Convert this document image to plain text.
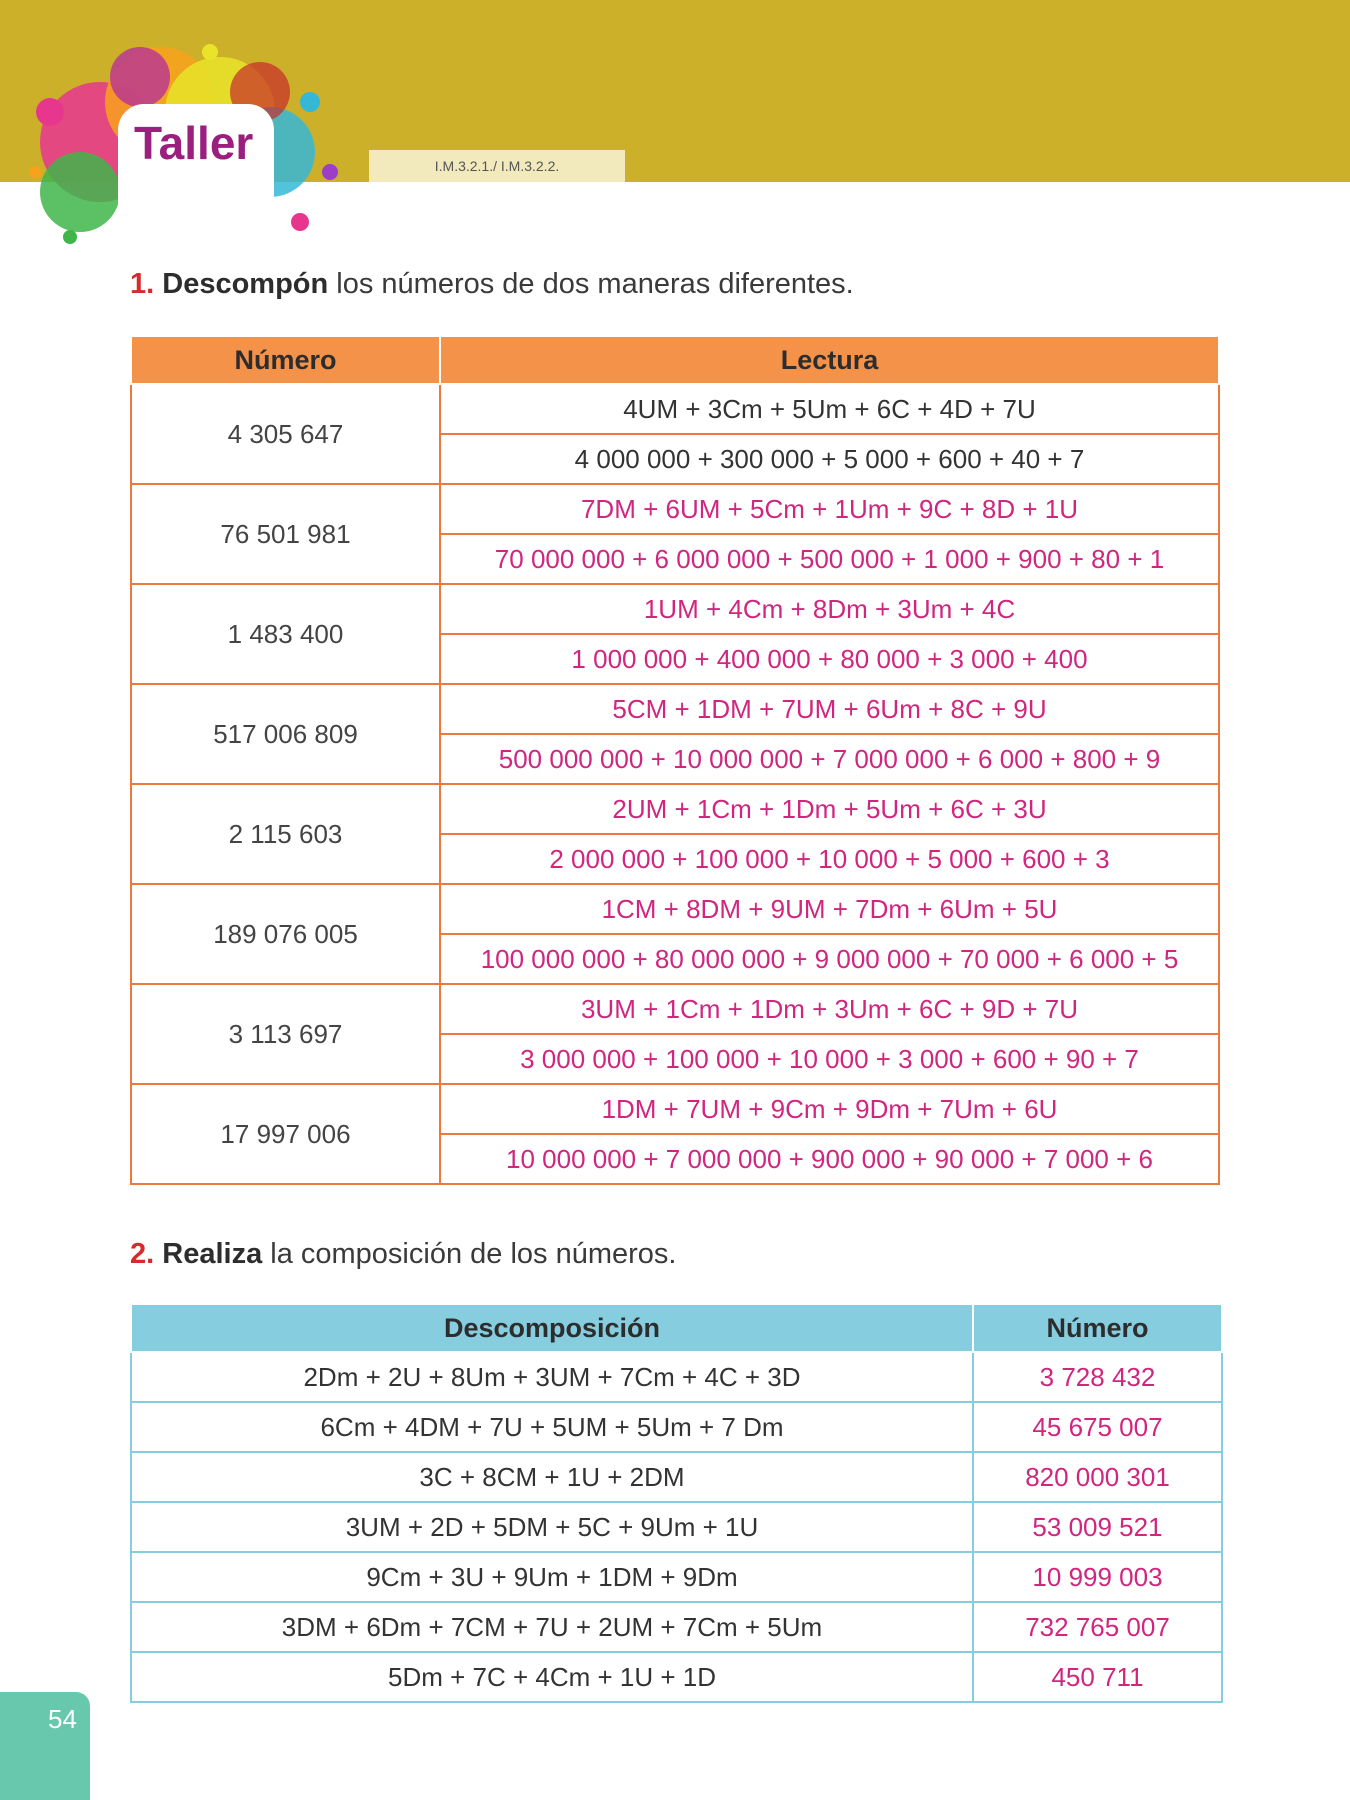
Taller	I.M.3.2.1./ I.M.3.2.2.
1. Descompón los números de dos maneras diferentes.
Número	Lectura
4 305 647	4UM + 3Cm + 5Um + 6C + 4D + 7U
	4 000 000 + 300 000 + 5 000 + 600 + 40 + 7
76 501 981	7DM + 6UM + 5Cm + 1Um + 9C + 8D + 1U
	70 000 000 + 6 000 000 + 500 000 + 1 000 + 900 + 80 + 1
1 483 400	1UM + 4Cm + 8Dm + 3Um + 4C
	1 000 000 + 400 000 + 80 000 + 3 000 + 400
517 006 809	5CM + 1DM + 7UM + 6Um + 8C + 9U
	500 000 000 + 10 000 000 + 7 000 000 + 6 000 + 800 + 9
2 115 603	2UM + 1Cm + 1Dm + 5Um + 6C + 3U
	2 000 000 + 100 000 + 10 000 + 5 000 + 600 + 3
189 076 005	1CM + 8DM + 9UM + 7Dm + 6Um + 5U
	100 000 000 + 80 000 000 + 9 000 000 + 70 000 + 6 000 + 5
3 113 697	3UM + 1Cm + 1Dm + 3Um + 6C + 9D + 7U
	3 000 000 + 100 000 + 10 000 + 3 000 + 600 + 90 + 7
17 997 006	1DM + 7UM + 9Cm + 9Dm + 7Um + 6U
	10 000 000 + 7 000 000 + 900 000 + 90 000 + 7 000 + 6
2. Realiza la composición de los números.
Descomposición	Número
2Dm + 2U + 8Um + 3UM + 7Cm + 4C + 3D	3 728 432
6Cm + 4DM + 7U + 5UM + 5Um + 7 Dm	45 675 007
3C + 8CM + 1U + 2DM	820 000 301
3UM + 2D + 5DM + 5C + 9Um + 1U	53 009 521
9Cm + 3U + 9Um + 1DM + 9Dm	10 999 003
3DM + 6Dm + 7CM + 7U + 2UM + 7Cm + 5Um	732 765 007
5Dm + 7C + 4Cm + 1U + 1D	450 711
54
